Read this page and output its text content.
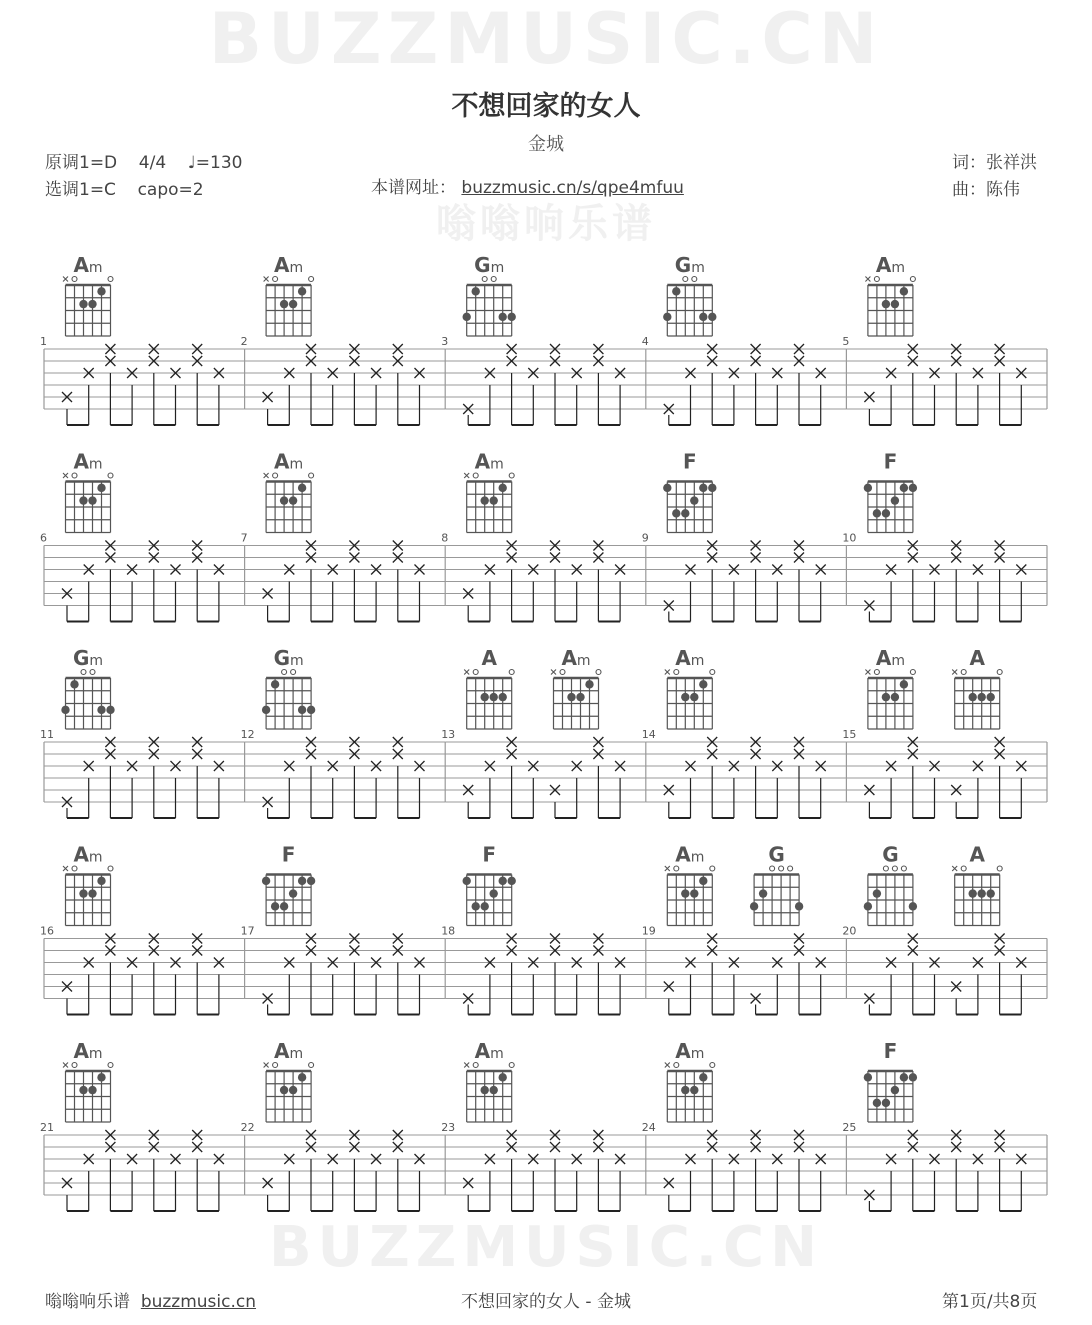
BUZZMUSIC.CN
嗡嗡响乐谱
BUZZMUSIC.CN
不想回家的女人
金城
原调1=D 4/4 ♩=130
选调1=C capo=2	本谱网址： buzzmusic.cn/s/qpe4mfuu
词：张祥洪
曲：陈伟
1
Am
2
Am
3
Gm
4
Gm
5
Am
6
Am
7
Am
8
Am
9
F
10
F
11
Gm
12
Gm
13
A	Am
14
Am
15
Am	A
16
Am
17
F
18
F
19
Am	G
20
G	A
21
Am
22
Am
23
Am
24
Am
25
F
嗡嗡响乐谱 buzzmusic.cn	不想回家的女人 - 金城	第1页/共8页
